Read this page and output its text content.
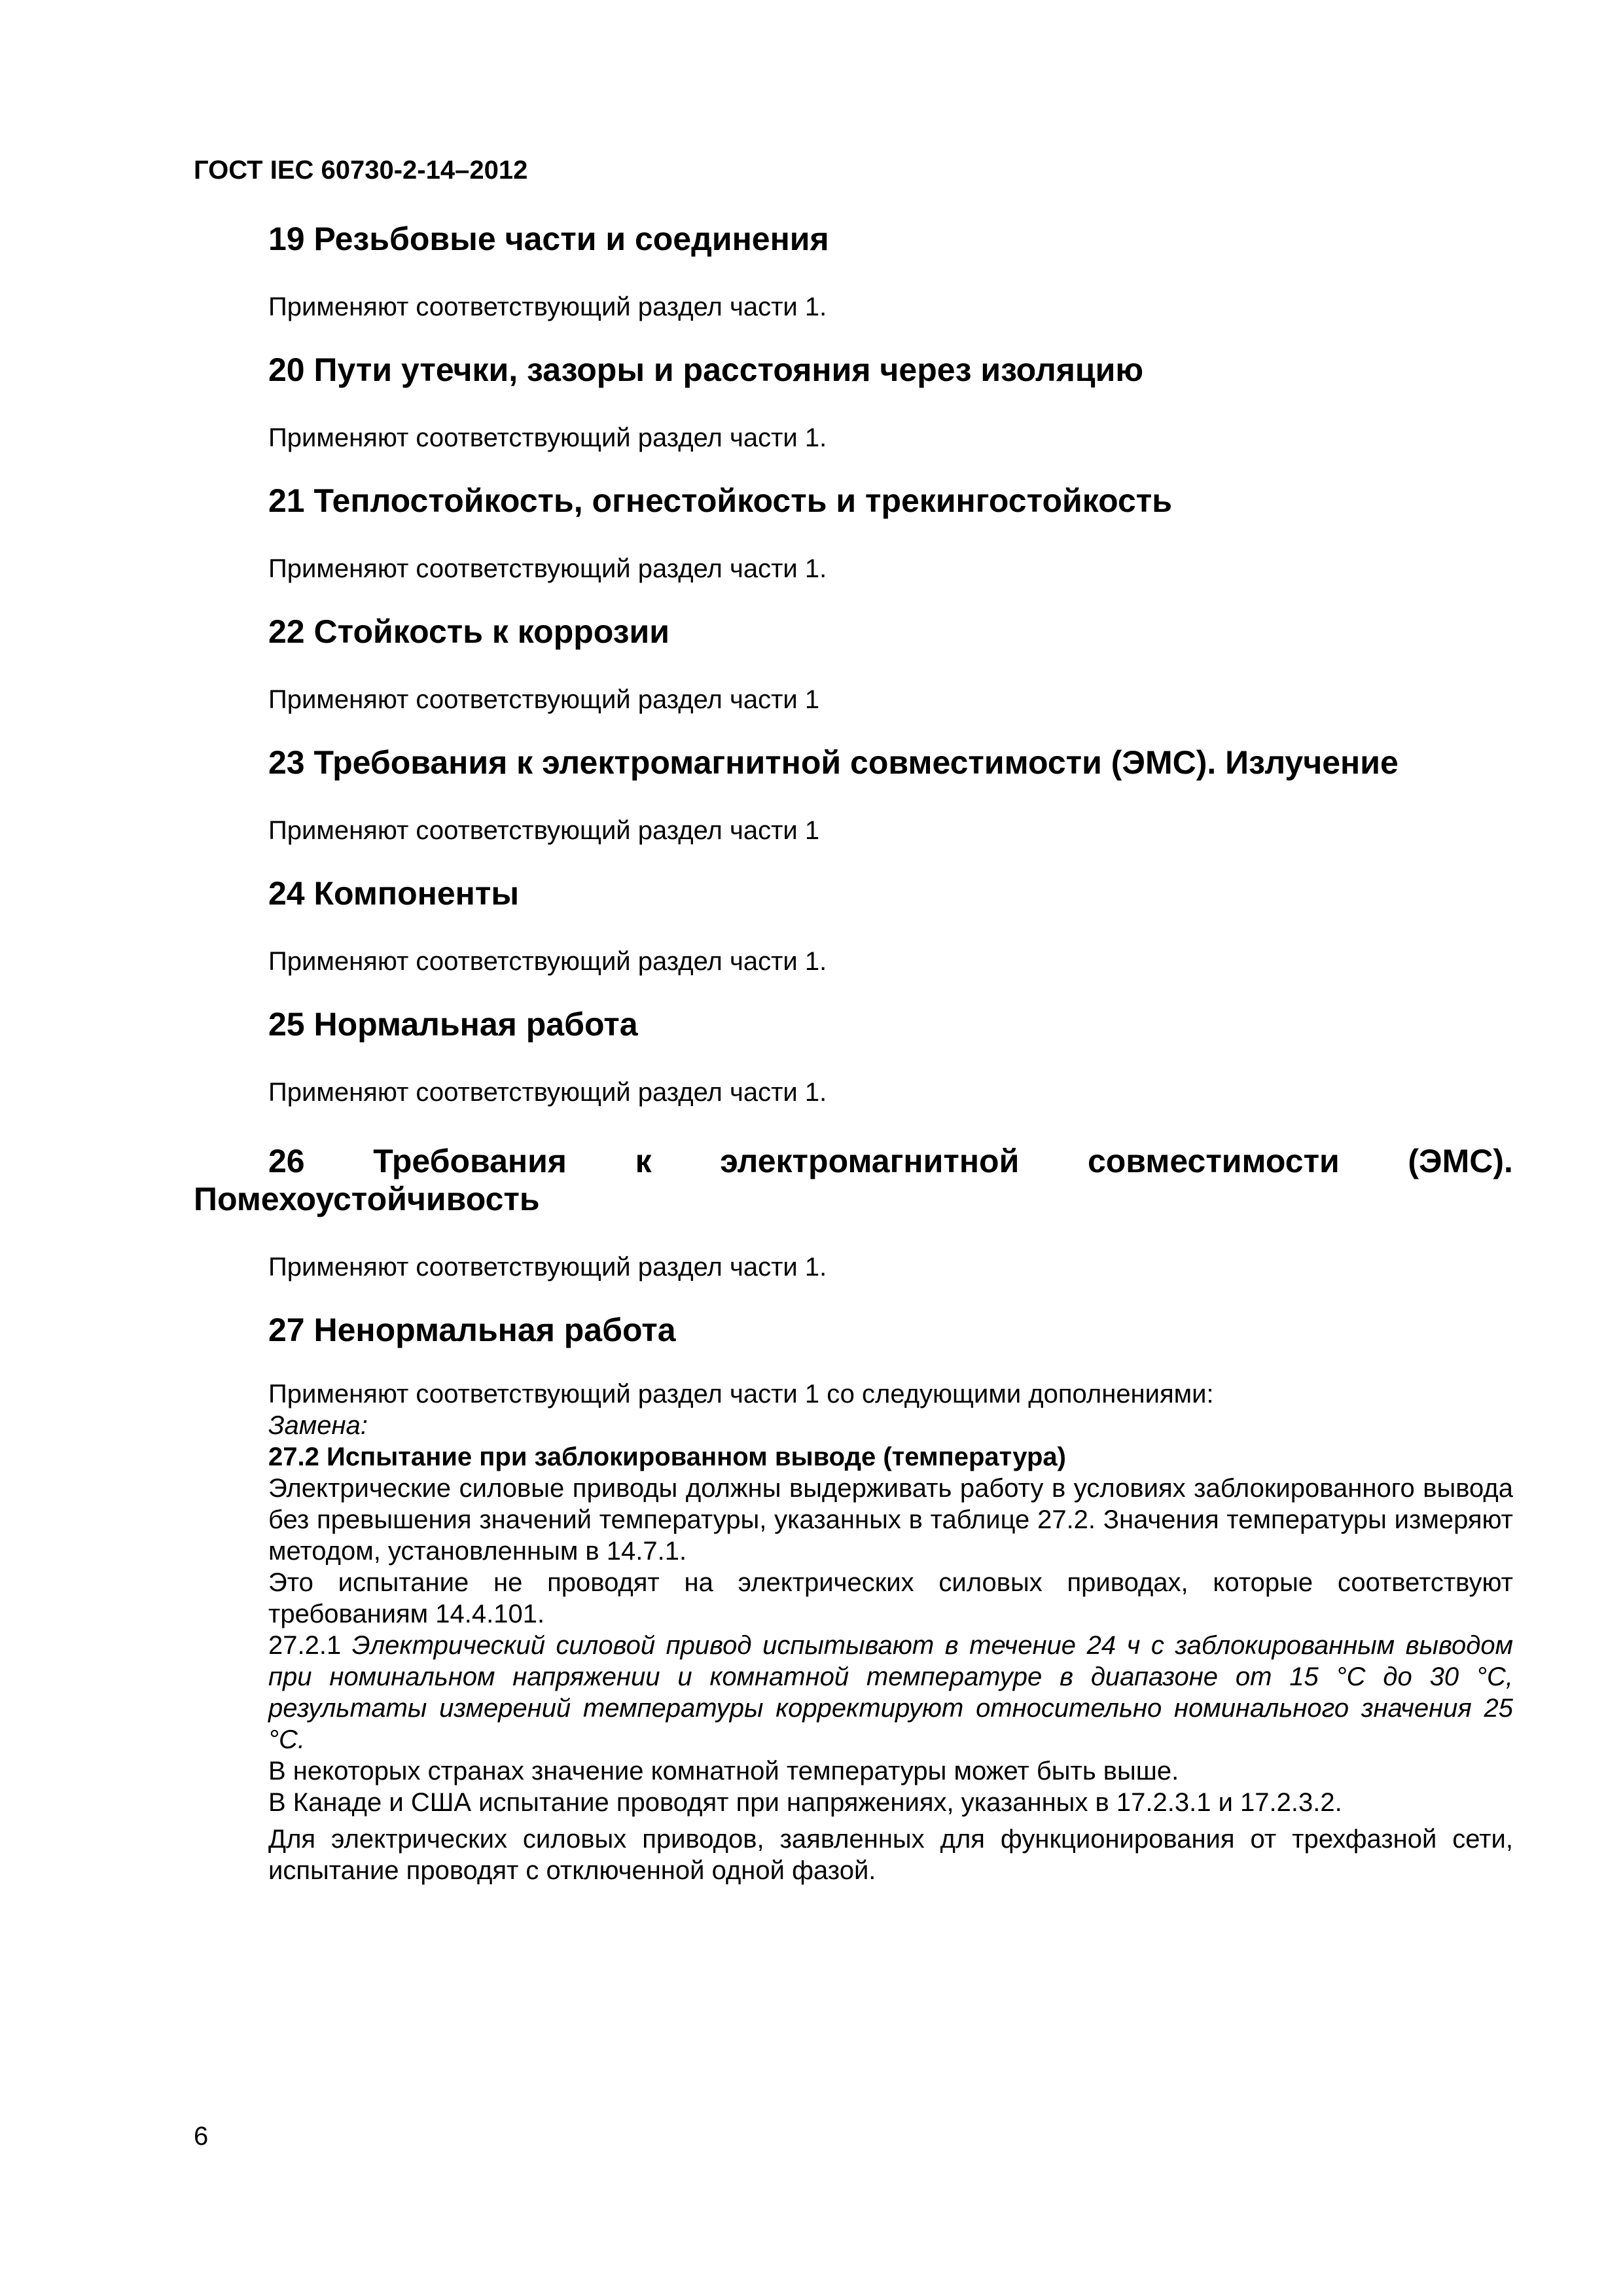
ГОСТ IEC 60730-2-14–2012
19 Резьбовые части и соединения
Применяют соответствующий раздел части 1.
20 Пути утечки, зазоры и расстояния через изоляцию
Применяют соответствующий раздел части 1.
21 Теплостойкость, огнестойкость и трекингостойкость
Применяют соответствующий раздел части 1.
22 Стойкость к коррозии
Применяют соответствующий раздел части 1
23 Требования к электромагнитной совместимости (ЭМС). Излучение
Применяют соответствующий раздел части 1
24 Компоненты
Применяют соответствующий раздел части 1.
25 Нормальная работа
Применяют соответствующий раздел части 1.
26 Требования к электромагнитной совместимости (ЭМС).
Помехоустойчивость
Применяют соответствующий раздел части 1.
27 Ненормальная работа
Применяют соответствующий раздел части 1 со следующими дополнениями:
Замена:
27.2 Испытание при заблокированном выводе (температура)
Электрические силовые приводы должны выдерживать работу в условиях заблокированного вывода без превышения значений температуры, указанных в таблице 27.2. Значения температуры измеряют методом, установленным в 14.7.1.
Это испытание не проводят на электрических силовых приводах, которые соответствуют требованиям 14.4.101.
27.2.1 Электрический силовой привод испытывают в течение 24 ч с заблокированным выводом при номинальном напряжении и комнатной температуре в диапазоне от 15 °C до 30 °C, результаты измерений температуры корректируют относительно номинального значения 25 °C.
В некоторых странах значение комнатной температуры может быть выше.
В Канаде и США испытание проводят при напряжениях, указанных в 17.2.3.1 и 17.2.3.2.
Для электрических силовых приводов, заявленных для функционирования от трехфазной сети, испытание проводят с отключенной одной фазой.
6
